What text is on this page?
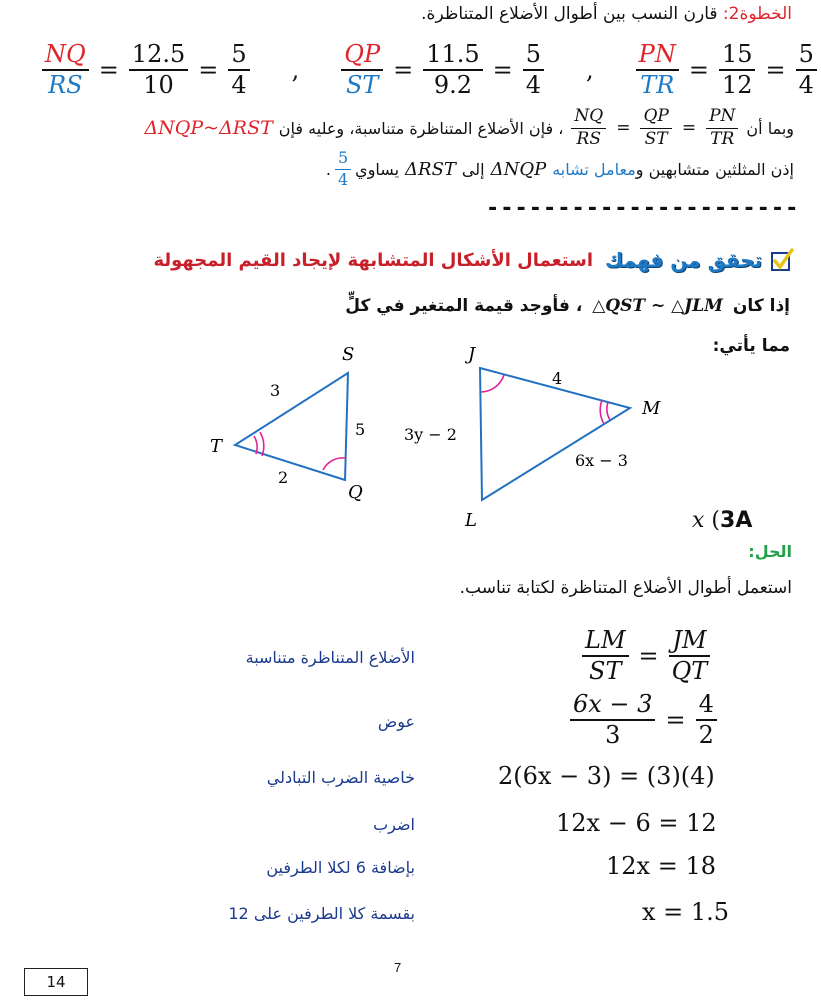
الخطوة2: قارن النسب بين أطوال الأضلاع المتناظرة.
$\frac{NQ}{RS} = \frac{12.5}{10} = \frac{5}{4}$ , $\frac{QP}{ST} = \frac{11.5}{9.2} = \frac{5}{4}$ , $\frac{PN}{TR} = \frac{15}{12} = \frac{5}{4}$
وبما أن
$\frac{NQ}{RS} = \frac{QP}{ST} = \frac{PN}{TR}$
، فإن الأضلاع المتناظرة متناسبة، وعليه فإن
ΔNQP~ΔRST
إذن المثلثين متشابهين و
معامل تشابه
ΔNQP
إلى
ΔRST
يساوي
$\frac{5}{4}$
.
----------------------
تحقق من فهمك
استعمال الأشكال المتشابهة لإيجاد القيم المجهولة
إذا كان △QST ~ △JLM ، فأوجد قيمة المتغير في كلٍّ
مما يأتي:
S
T
Q
3
5
2
J
M
L
4
3y − 2
6x − 3
x (3A
الحل:
استعمل أطوال الأضلاع المتناظرة لكتابة تناسب.
الأضلاع المتناظرة متناسبة
عوض
خاصية الضرب التبادلي
اضرب
بإضافة 6 لكلا الطرفين
بقسمة كلا الطرفين على 12
$\frac{LM}{ST} = \frac{JM}{QT}$
$\frac{6x - 3}{3} = \frac{4}{2}$
2(6x − 3) = (3)(4)
12x − 6 = 12
12x = 18
x = 1.5
7
14
